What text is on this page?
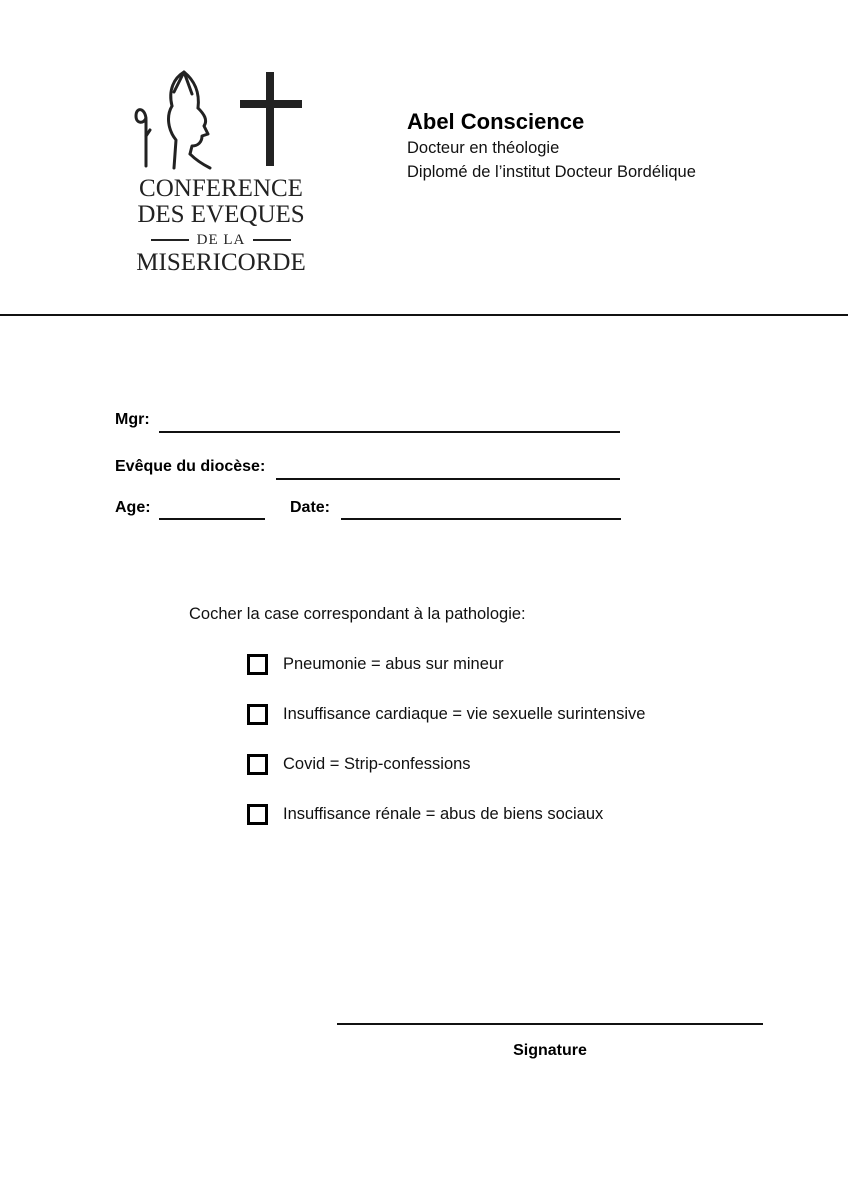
CONFERENCE
DES EVEQUES
DE LA
MISERICORDE
Abel Conscience
Docteur en théologie
Diplomé de l’institut Docteur Bordélique
Mgr:
Evêque du diocèse:
Age:	Date:
Cocher la case correspondant à la pathologie:
Pneumonie = abus sur mineur
Insuffisance cardiaque = vie sexuelle surintensive
Covid = Strip-confessions
Insuffisance rénale = abus de biens sociaux
Signature
